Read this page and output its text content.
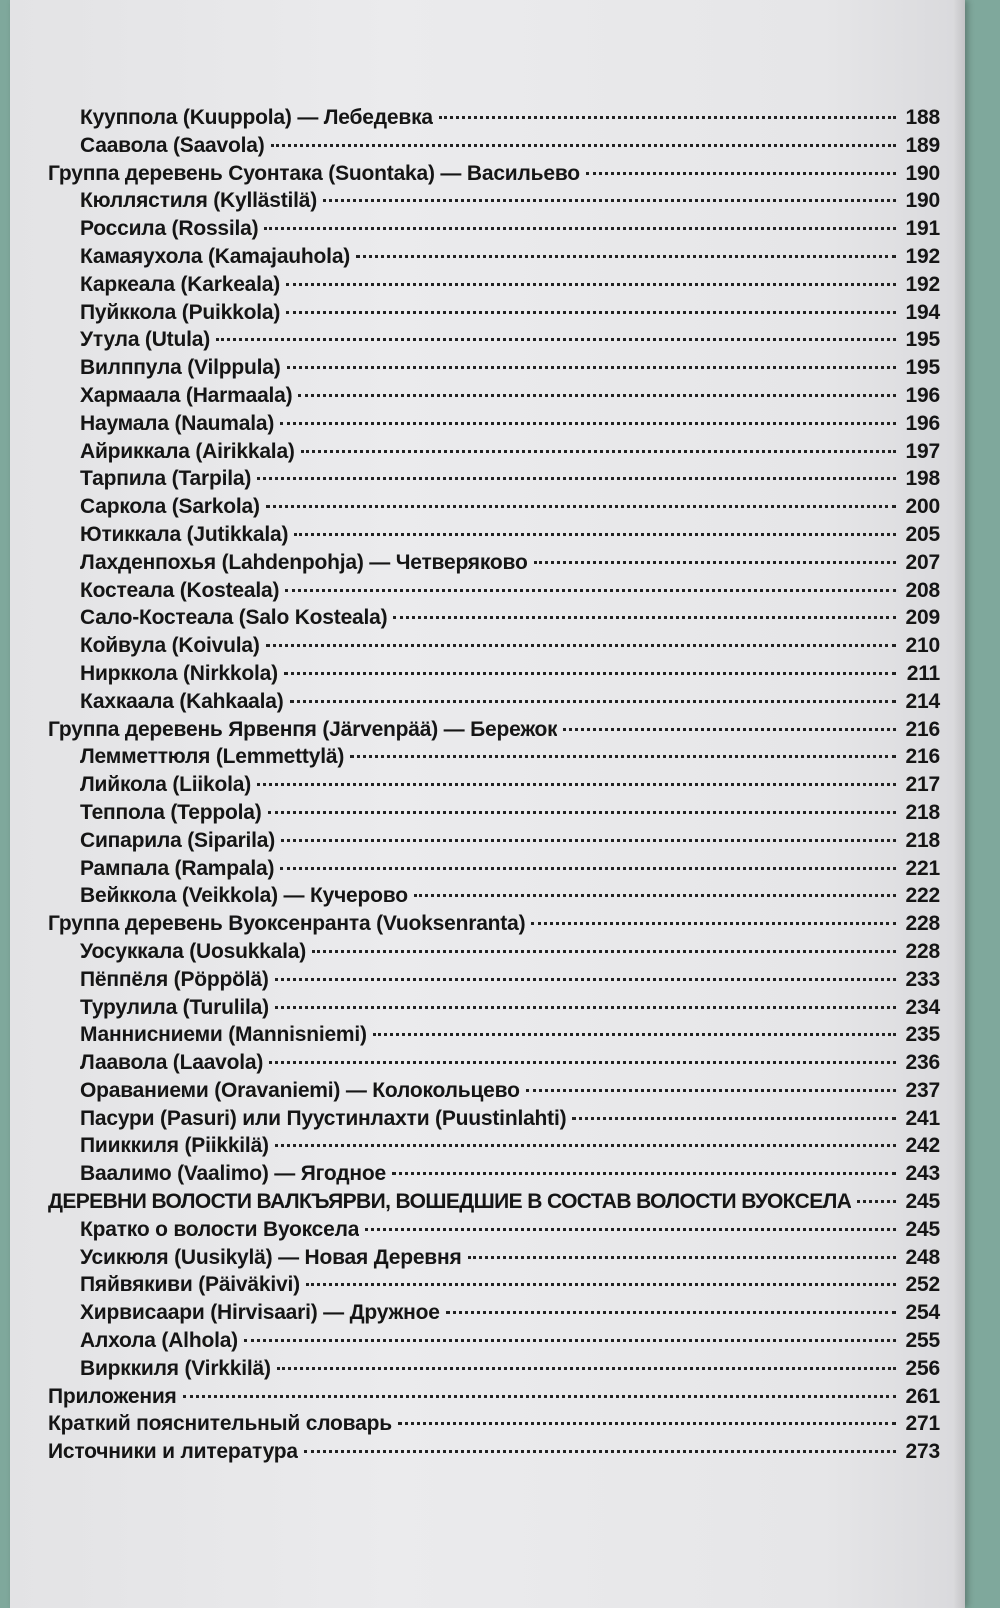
Кууппола (Kuuppola) — Лебедевка	188
Саавола (Saavola)	189
Группа деревень Суонтака (Suontaka) — Васильево	190
Кюллястиля (Kyllästilä)	190
Россила (Rossila)	191
Камаяухола (Kamajauhola)	192
Каркеала (Karkeala)	192
Пуйккола (Puikkola)	194
Утула (Utula)	195
Вилппула (Vilppula)	195
Хармаала (Harmaala)	196
Наумала (Naumala)	196
Айриккала (Airikkala)	197
Тарпила (Tarpila)	198
Саркола (Sarkola)	200
Ютиккала (Jutikkala)	205
Лахденпохья (Lahdenpohja) — Четверяково	207
Костеала (Kosteala)	208
Сало-Костеала (Salo Kosteala)	209
Койвула (Koivula)	210
Нирккола (Nirkkola)	211
Кахкаала (Kahkaala)	214
Группа деревень Ярвенпя (Järvenpää) — Бережок	216
Лемметтюля (Lemmettylä)	216
Лийкола (Liikola)	217
Теппола (Teppola)	218
Сипарила (Siparila)	218
Рампала (Rampala)	221
Вейккола (Veikkola) — Кучерово	222
Группа деревень Вуоксенранта (Vuoksenranta)	228
Уосуккала (Uosukkala)	228
Пёппёля (Pöppölä)	233
Турулила (Turulila)	234
Маннисниеми (Mannisniemi)	235
Лаавола (Laavola)	236
Ораваниеми (Oravaniemi) — Колокольцево	237
Пасури (Pasuri) или Пуустинлахти (Puustinlahti)	241
Пииккиля (Piikkilä)	242
Ваалимо (Vaalimo) — Ягодное	243
ДЕРЕВНИ ВОЛОСТИ ВАЛКЪЯРВИ, ВОШЕДШИЕ В СОСТАВ ВОЛОСТИ ВУОКСЕЛА	245
Кратко о волости Вуоксела	245
Усикюля (Uusikylä) — Новая Деревня	248
Пяйвякиви (Päiväkivi)	252
Хирвисаари (Hirvisaari) — Дружное	254
Алхола (Alhola)	255
Вирккиля (Virkkilä)	256
Приложения	261
Краткий пояснительный словарь	271
Источники и литература	273
